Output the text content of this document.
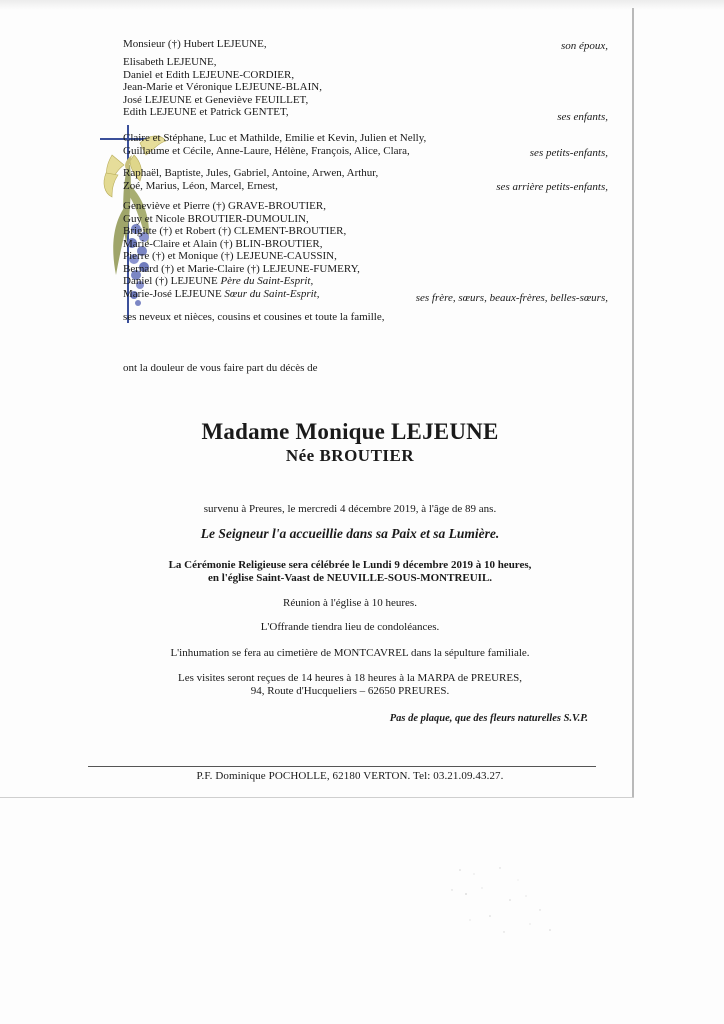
Monsieur (†) Hubert LEJEUNE,	son époux,
Elisabeth LEJEUNE,
Daniel et Edith LEJEUNE-CORDIER,
Jean-Marie et Véronique LEJEUNE-BLAIN,
José LEJEUNE et Geneviève FEUILLET,
Edith LEJEUNE et Patrick GENTET,	ses enfants,
Claire et Stéphane, Luc et Mathilde, Emilie et Kevin, Julien et Nelly,
Guillaume et Cécile, Anne-Laure, Hélène, François, Alice, Clara,	ses petits-enfants,
Raphaël, Baptiste, Jules, Gabriel, Antoine, Arwen, Arthur,
Zoé, Marius, Léon, Marcel, Ernest,	ses arrière petits-enfants,
Geneviève et Pierre (†) GRAVE-BROUTIER,
Guy et Nicole BROUTIER-DUMOULIN,
Brigitte (†) et Robert (†) CLEMENT-BROUTIER,
Marie-Claire et Alain (†) BLIN-BROUTIER,
Pierre (†) et Monique (†) LEJEUNE-CAUSSIN,
Bernard (†) et Marie-Claire (†) LEJEUNE-FUMERY,
Daniel (†) LEJEUNE Père du Saint-Esprit,
Marie-José LEJEUNE Sœur du Saint-Esprit,	ses frère, sœurs, beaux-frères, belles-sœurs,
ses neveux et nièces, cousins et cousines et toute la famille,
ont la douleur de vous faire part du décès de
Madame Monique LEJEUNE
Née BROUTIER
survenu à Preures, le mercredi 4 décembre 2019, à l'âge de 89 ans.
Le Seigneur l'a accueillie dans sa Paix et sa Lumière.
La Cérémonie Religieuse sera célébrée le Lundi 9 décembre 2019 à 10 heures,
en l'église Saint-Vaast de NEUVILLE-SOUS-MONTREUIL.
Réunion à l'église à 10 heures.
L'Offrande tiendra lieu de condoléances.
L'inhumation se fera au cimetière de MONTCAVREL dans la sépulture familiale.
Les visites seront reçues de 14 heures à 18 heures à la MARPA de PREURES,
94, Route d'Hucqueliers – 62650 PREURES.
Pas de plaque, que des fleurs naturelles S.V.P.
P.F. Dominique POCHOLLE, 62180 VERTON. Tel: 03.21.09.43.27.
